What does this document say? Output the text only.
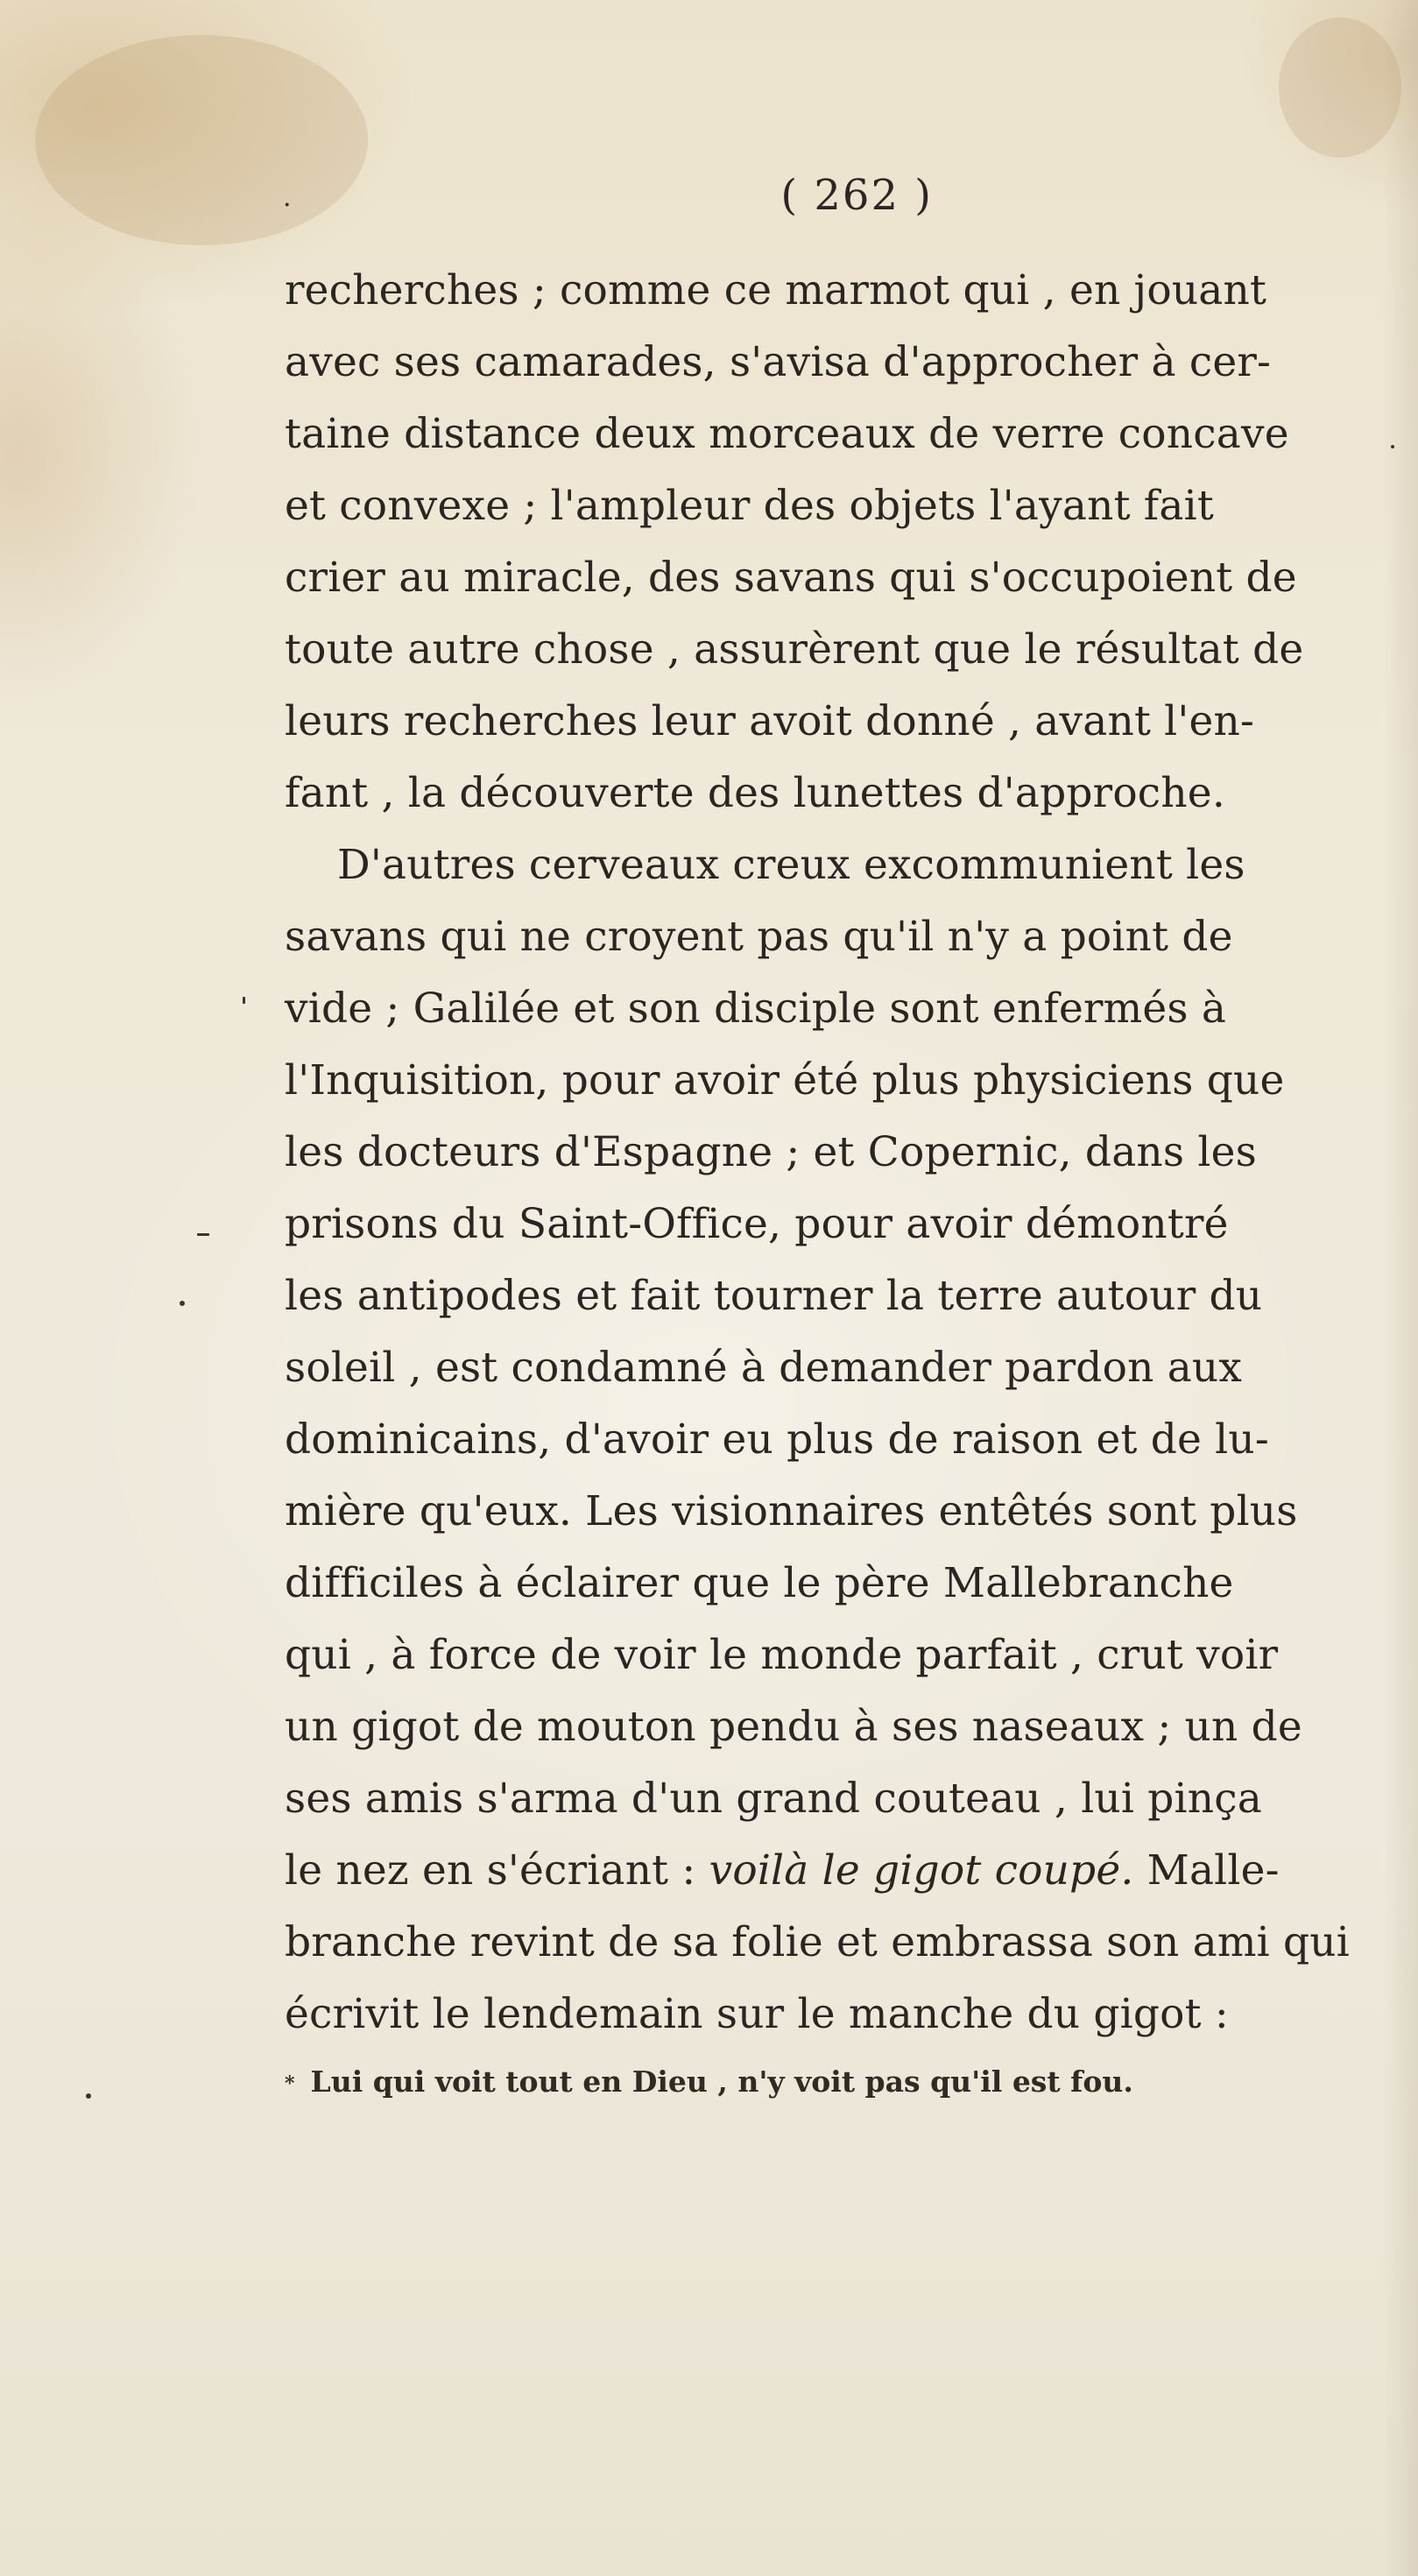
·	( 262 )
recherches ; comme ce marmot qui , en jouant
avec ses camarades, s'avisa d'approcher à cer-
taine distance deux morceaux de verre concave
et convexe ; l'ampleur des objets l'ayant fait
crier au miracle, des savans qui s'occupoient de
toute autre chose , assurèrent que le résultat de
leurs recherches leur avoit donné , avant l'en-
fant , la découverte des lunettes d'approche.
D'autres cerveaux creux excommunient les
savans qui ne croyent pas qu'il n'y a point de
vide ; Galilée et son disciple sont enfermés à
l'Inquisition, pour avoir été plus physiciens que
les docteurs d'Espagne ; et Copernic, dans les
prisons du Saint-Office, pour avoir démontré
les antipodes et fait tourner la terre autour du
soleil , est condamné à demander pardon aux
dominicains, d'avoir eu plus de raison et de lu-
mière qu'eux. Les visionnaires entêtés sont plus
difficiles à éclairer que le père Mallebranche
qui , à force de voir le monde parfait , crut voir
un gigot de mouton pendu à ses naseaux ; un de
ses amis s'arma d'un grand couteau , lui pinça
le nez en s'écriant : voilà le gigot coupé. Malle-
branche revint de sa folie et embrassa son ami qui
écrivit le lendemain sur le manche du gigot :
* Lui qui voit tout en Dieu , n'y voit pas qu'il est fou.
